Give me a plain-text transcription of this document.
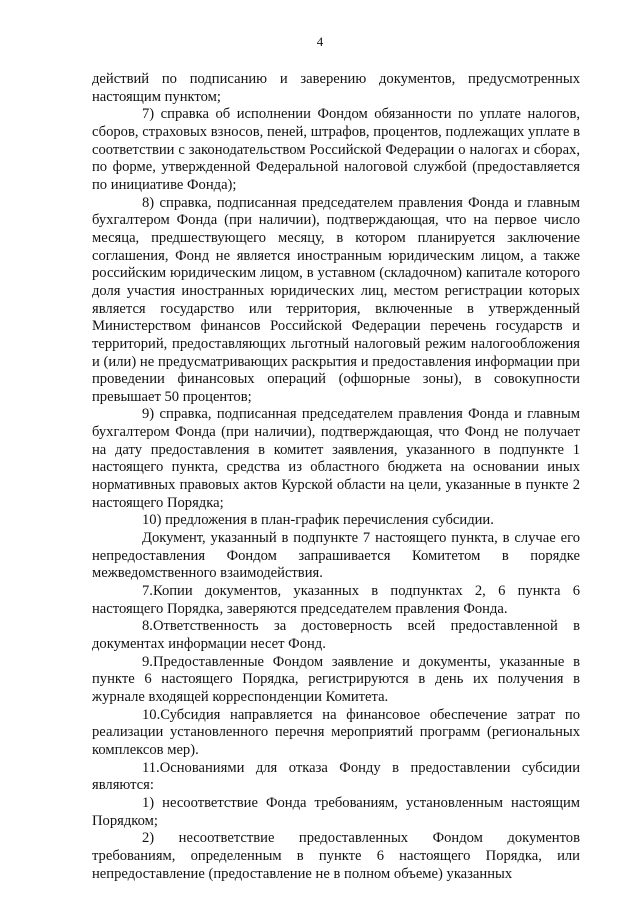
4

действий по подписанию и заверению документов, предусмотренных настоящим пунктом;

7) справка об исполнении Фондом обязанности по уплате налогов, сборов, страховых взносов, пеней, штрафов, процентов, подлежащих уплате в соответствии с законодательством Российской Федерации о налогах и сборах, по форме, утвержденной Федеральной налоговой службой (предоставляется по инициативе Фонда);

8) справка, подписанная председателем правления Фонда и главным бухгалтером Фонда (при наличии), подтверждающая, что на первое число месяца, предшествующего месяцу, в котором планируется заключение соглашения, Фонд не является иностранным юридическим лицом, а также российским юридическим лицом, в уставном (складочном) капитале которого доля участия иностранных юридических лиц, местом регистрации которых является государство или территория, включенные в утвержденный Министерством финансов Российской Федерации перечень государств и территорий, предоставляющих льготный налоговый режим налогообложения и (или) не предусматривающих раскрытия и предоставления информации при проведении финансовых операций (офшорные зоны), в совокупности превышает 50 процентов;

9) справка, подписанная председателем правления Фонда и главным бухгалтером Фонда (при наличии), подтверждающая, что Фонд не получает на дату предоставления в комитет заявления, указанного в подпункте 1 настоящего пункта, средства из областного бюджета на основании иных нормативных правовых актов Курской области на цели, указанные в пункте 2 настоящего Порядка;

10) предложения в план-график перечисления субсидии.

Документ, указанный в подпункте 7 настоящего пункта, в случае его непредоставления Фондом запрашивается Комитетом в порядке межведомственного взаимодействия.

7.Копии документов, указанных в подпунктах 2, 6 пункта 6 настоящего Порядка, заверяются председателем правления Фонда.

8.Ответственность за достоверность всей предоставленной в документах информации несет Фонд.

9.Предоставленные Фондом заявление и документы, указанные в пункте 6 настоящего Порядка, регистрируются в день их получения в журнале входящей корреспонденции Комитета.

10.Субсидия направляется на финансовое обеспечение затрат по реализации установленного перечня мероприятий программ (региональных комплексов мер).

11.Основаниями для отказа Фонду в предоставлении субсидии являются:

1) несоответствие Фонда требованиям, установленным настоящим Порядком;

2) несоответствие предоставленных Фондом документов требованиям, определенным в пункте 6 настоящего Порядка, или непредоставление (предоставление не в полном объеме) указанных
